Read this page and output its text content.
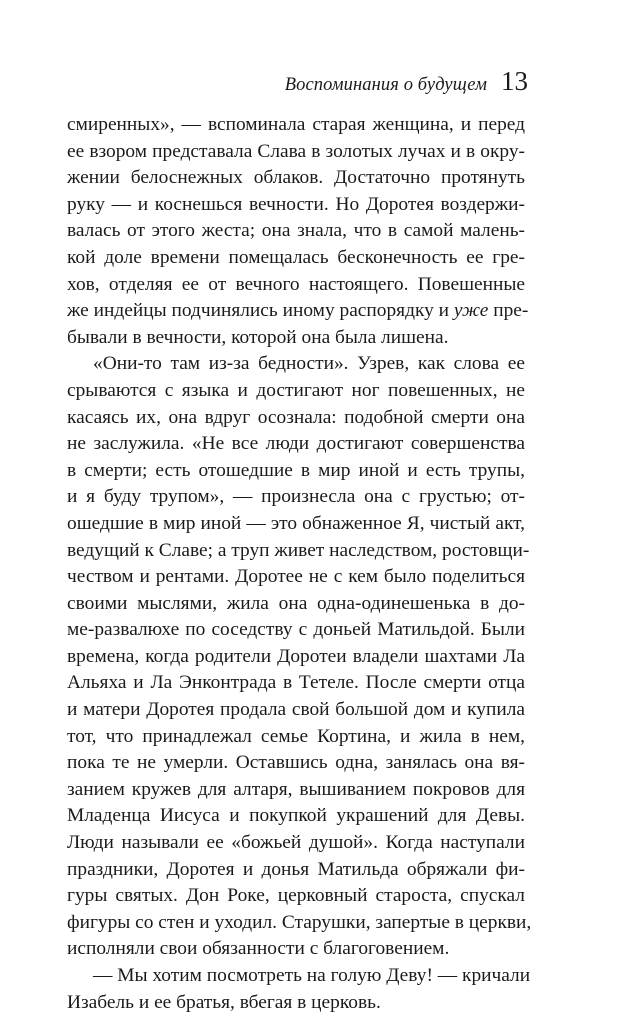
Воспоминания о будущем 13

смиренных», — вспоминала старая женщина, и перед
ее взором представала Слава в золотых лучах и в окру-
жении белоснежных облаков. Достаточно протянуть
руку — и коснешься вечности. Но Доротея воздержи-
валась от этого жеста; она знала, что в самой малень-
кой доле времени помещалась бесконечность ее гре-
хов, отделяя ее от вечного настоящего. Повешенные
же индейцы подчинялись иному распорядку и уже пре-
бывали в вечности, которой она была лишена.

«Они-то там из-за бедности». Узрев, как слова ее
срываются с языка и достигают ног повешенных, не
касаясь их, она вдруг осознала: подобной смерти она
не заслужила. «Не все люди достигают совершенства
в смерти; есть отошедшие в мир иной и есть трупы,
и я буду трупом», — произнесла она с грустью; от-
ошедшие в мир иной — это обнаженное Я, чистый акт,
ведущий к Славе; а труп живет наследством, ростовщи-
чеством и рентами. Доротее не с кем было поделиться
своими мыслями, жила она одна-одинешенька в до-
ме-развалюхе по соседству с доньей Матильдой. Были
времена, когда родители Доротеи владели шахтами Ла
Альяха и Ла Энконтрада в Тетеле. После смерти отца
и матери Доротея продала свой большой дом и купила
тот, что принадлежал семье Кортина, и жила в нем,
пока те не умерли. Оставшись одна, занялась она вя-
занием кружев для алтаря, вышиванием покровов для
Младенца Иисуса и покупкой украшений для Девы.
Люди называли ее «божьей душой». Когда наступали
праздники, Доротея и донья Матильда обряжали фи-
гуры святых. Дон Роке, церковный староста, спускал
фигуры со стен и уходил. Старушки, запертые в церкви,
исполняли свои обязанности с благоговением.

— Мы хотим посмотреть на голую Деву! — кричали
Изабель и ее братья, вбегая в церковь.
